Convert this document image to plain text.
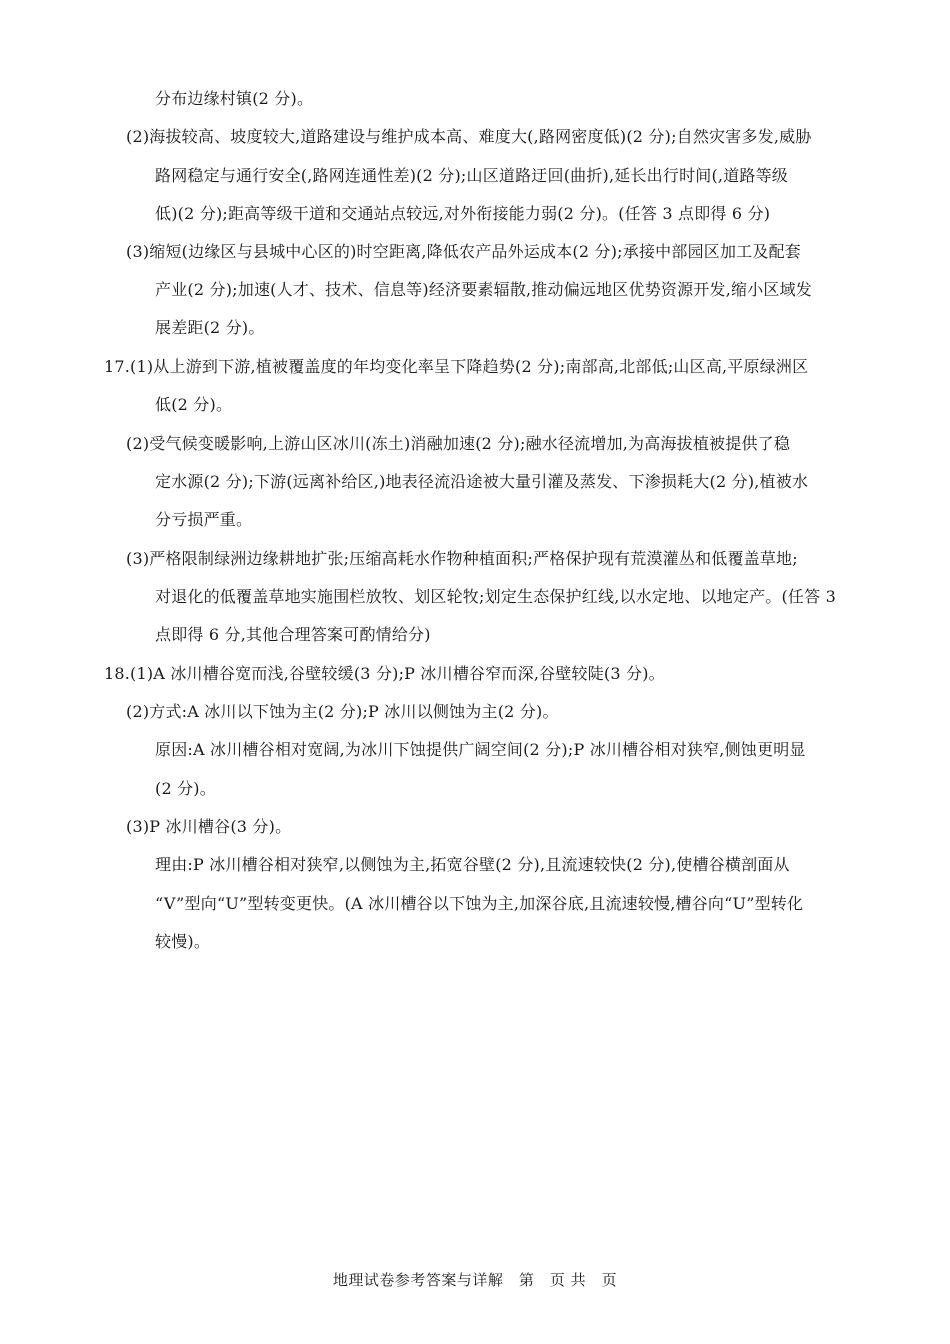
分布边缘村镇(2 分)。
(2)海拔较高、坡度较大,道路建设与维护成本高、难度大(,路网密度低)(2 分);自然灾害多发,威胁
路网稳定与通行安全(,路网连通性差)(2 分);山区道路迂回(曲折),延长出行时间(,道路等级
低)(2 分);距高等级干道和交通站点较远,对外衔接能力弱(2 分)。(任答 3 点即得 6 分)
(3)缩短(边缘区与县城中心区的)时空距离,降低农产品外运成本(2 分);承接中部园区加工及配套
产业(2 分);加速(人才、技术、信息等)经济要素辐散,推动偏远地区优势资源开发,缩小区域发
展差距(2 分)。
17.(1)从上游到下游,植被覆盖度的年均变化率呈下降趋势(2 分);南部高,北部低;山区高,平原绿洲区
低(2 分)。
(2)受气候变暖影响,上游山区冰川(冻土)消融加速(2 分);融水径流增加,为高海拔植被提供了稳
定水源(2 分);下游(远离补给区,)地表径流沿途被大量引灌及蒸发、下渗损耗大(2 分),植被水
分亏损严重。
(3)严格限制绿洲边缘耕地扩张;压缩高耗水作物种植面积;严格保护现有荒漠灌丛和低覆盖草地;
对退化的低覆盖草地实施围栏放牧、划区轮牧;划定生态保护红线,以水定地、以地定产。(任答 3
点即得 6 分,其他合理答案可酌情给分)
18.(1)A 冰川槽谷宽而浅,谷壁较缓(3 分);P 冰川槽谷窄而深,谷壁较陡(3 分)。
(2)方式:A 冰川以下蚀为主(2 分);P 冰川以侧蚀为主(2 分)。
原因:A 冰川槽谷相对宽阔,为冰川下蚀提供广阔空间(2 分);P 冰川槽谷相对狭窄,侧蚀更明显
(2 分)。
(3)P 冰川槽谷(3 分)。
理由:P 冰川槽谷相对狭窄,以侧蚀为主,拓宽谷壁(2 分),且流速较快(2 分),使槽谷横剖面从
“V”型向“U”型转变更快。(A 冰川槽谷以下蚀为主,加深谷底,且流速较慢,槽谷向“U”型转化
较慢)。
地理试卷参考答案与详解　第　页 共　页
